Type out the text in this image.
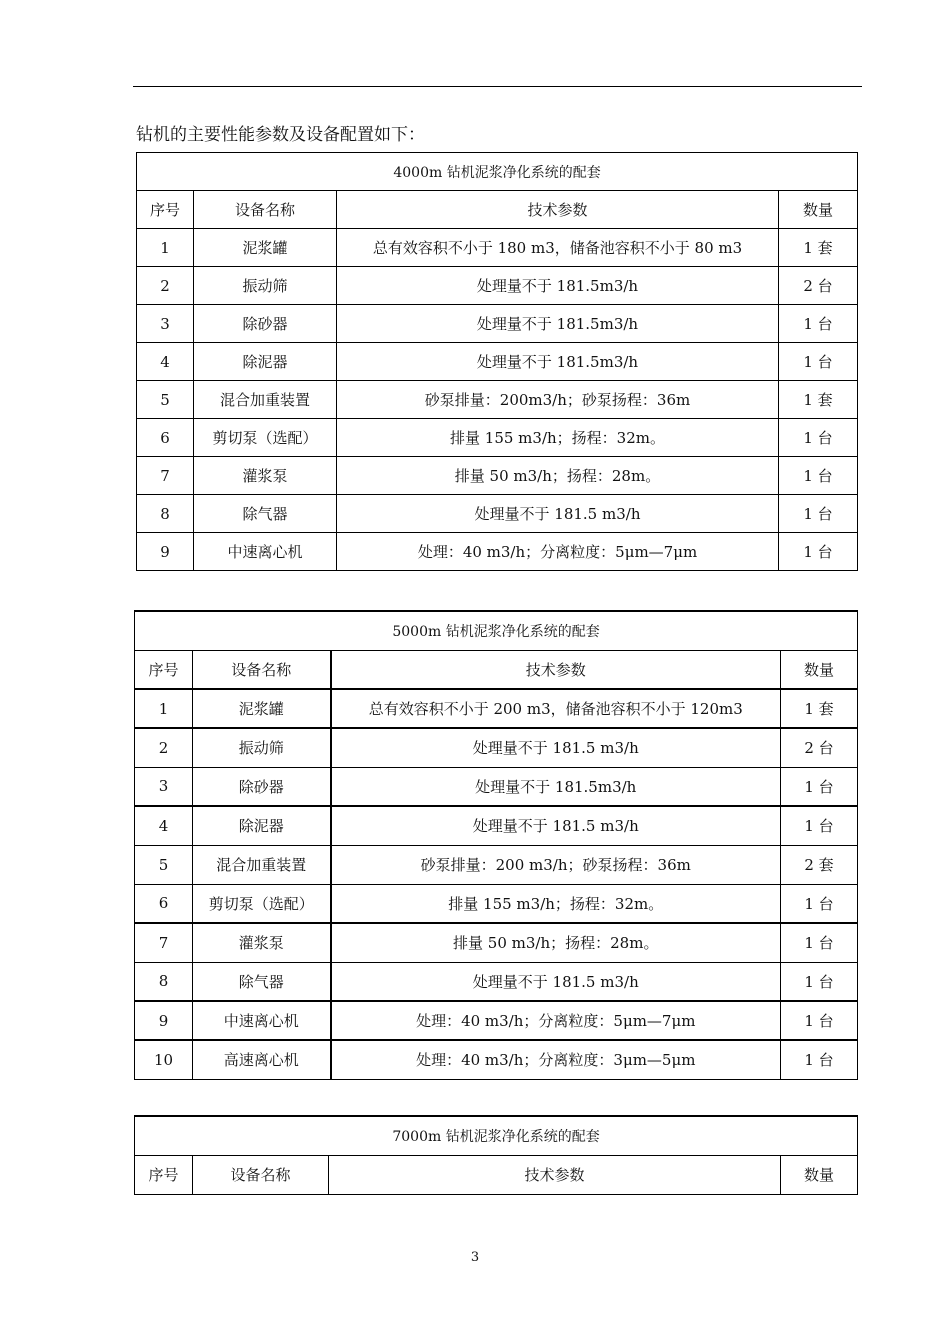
钻机的主要性能参数及设备配置如下：
4000m 钻机泥浆净化系统的配套			
序号	设备名称	技术参数	数量
1	泥浆罐	总有效容积不小于 180 m3，储备池容积不小于 80 m3	1 套
2	振动筛	处理量不于 181.5m3/h	2 台
3	除砂器	处理量不于 181.5m3/h	1 台
4	除泥器	处理量不于 181.5m3/h	1 台
5	混合加重装置	砂泵排量：200m3/h；砂泵扬程：36m	1 套
6	剪切泵（选配）	排量 155 m3/h；扬程：32m。	1 台
7	灌浆泵	排量 50 m3/h；扬程：28m。	1 台
8	除气器	处理量不于 181.5 m3/h	1 台
9	中速离心机	处理：40 m3/h；分离粒度：5μm—7μm	1 台
5000m 钻机泥浆净化系统的配套			
序号	设备名称	技术参数	数量
1	泥浆罐	总有效容积不小于 200 m3，储备池容积不小于 120m3	1 套
2	振动筛	处理量不于 181.5 m3/h	2 台
3	除砂器	处理量不于 181.5m3/h	1 台
4	除泥器	处理量不于 181.5 m3/h	1 台
5	混合加重装置	砂泵排量：200 m3/h；砂泵扬程：36m	2 套
6	剪切泵（选配）	排量 155 m3/h；扬程：32m。	1 台
7	灌浆泵	排量 50 m3/h；扬程：28m。	1 台
8	除气器	处理量不于 181.5 m3/h	1 台
9	中速离心机	处理：40 m3/h；分离粒度：5μm—7μm	1 台
10	高速离心机	处理：40 m3/h；分离粒度：3μm—5μm	1 台
7000m 钻机泥浆净化系统的配套
序号	设备名称	技术参数	数量
3
